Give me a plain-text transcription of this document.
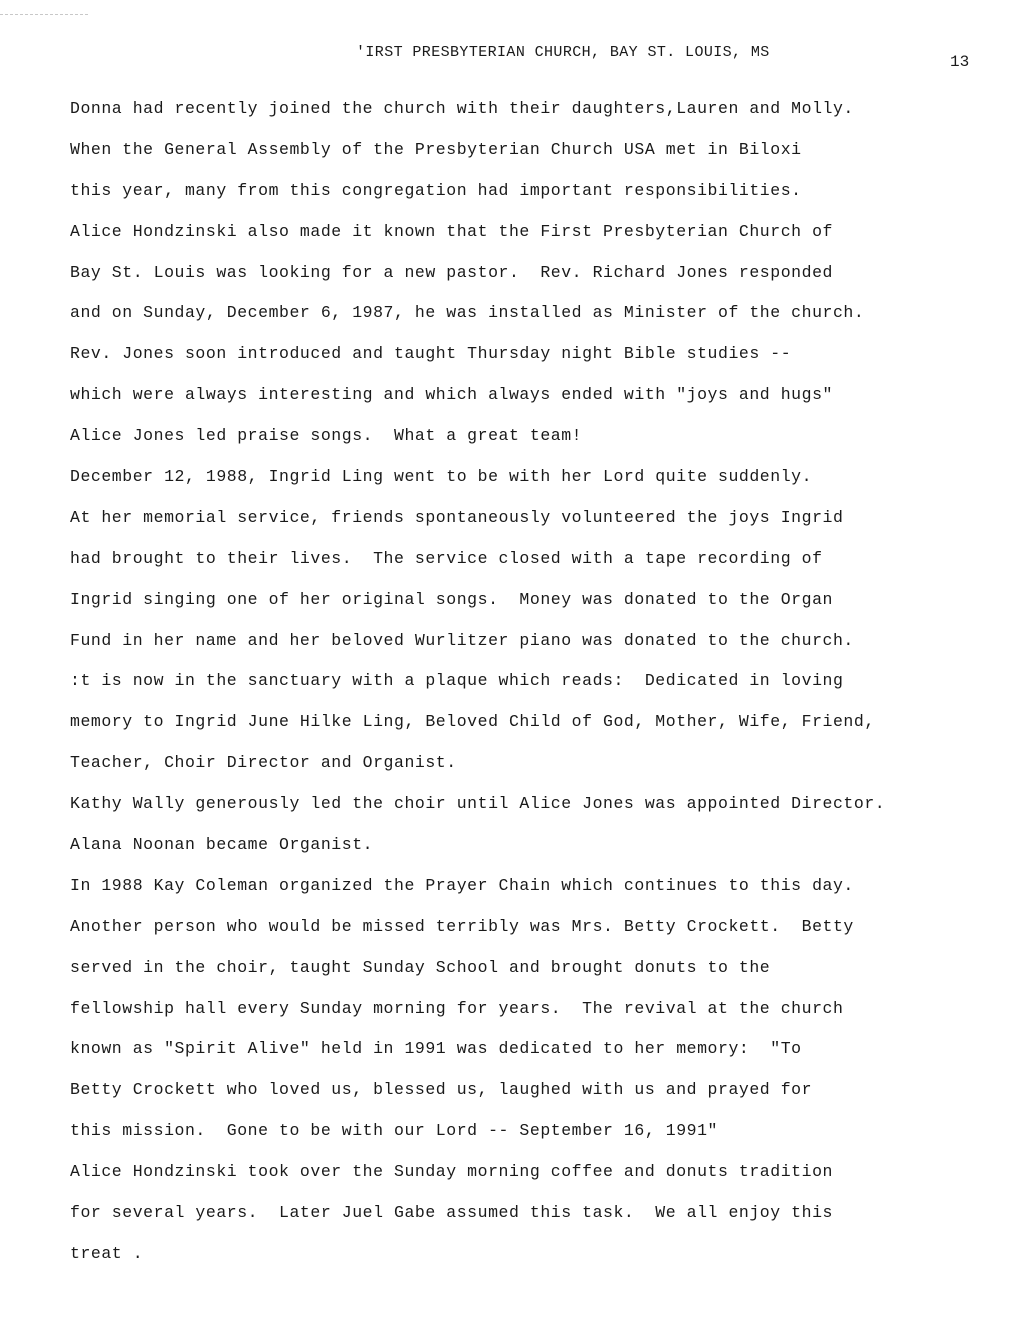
'IRST PRESBYTERIAN CHURCH, BAY ST. LOUIS, MS
13
Donna had recently joined the church with their daughters,Lauren and Molly.
When the General Assembly of the Presbyterian Church USA met in Biloxi
this year, many from this congregation had important responsibilities.
Alice Hondzinski also made it known that the First Presbyterian Church of
Bay St. Louis was looking for a new pastor.  Rev. Richard Jones responded
and on Sunday, December 6, 1987, he was installed as Minister of the church.
Rev. Jones soon introduced and taught Thursday night Bible studies --
which were always interesting and which always ended with "joys and hugs"
Alice Jones led praise songs.  What a great team!
December 12, 1988, Ingrid Ling went to be with her Lord quite suddenly.
At her memorial service, friends spontaneously volunteered the joys Ingrid
had brought to their lives.  The service closed with a tape recording of
Ingrid singing one of her original songs.  Money was donated to the Organ
Fund in her name and her beloved Wurlitzer piano was donated to the church.
:t is now in the sanctuary with a plaque which reads:  Dedicated in loving
memory to Ingrid June Hilke Ling, Beloved Child of God, Mother, Wife, Friend,
Teacher, Choir Director and Organist.
Kathy Wally generously led the choir until Alice Jones was appointed Director.
Alana Noonan became Organist.
In 1988 Kay Coleman organized the Prayer Chain which continues to this day.
Another person who would be missed terribly was Mrs. Betty Crockett.  Betty
served in the choir, taught Sunday School and brought donuts to the
fellowship hall every Sunday morning for years.  The revival at the church
known as "Spirit Alive" held in 1991 was dedicated to her memory:  "To
Betty Crockett who loved us, blessed us, laughed with us and prayed for
this mission.  Gone to be with our Lord -- September 16, 1991"
Alice Hondzinski took over the Sunday morning coffee and donuts tradition
for several years.  Later Juel Gabe assumed this task.  We all enjoy this
treat .
